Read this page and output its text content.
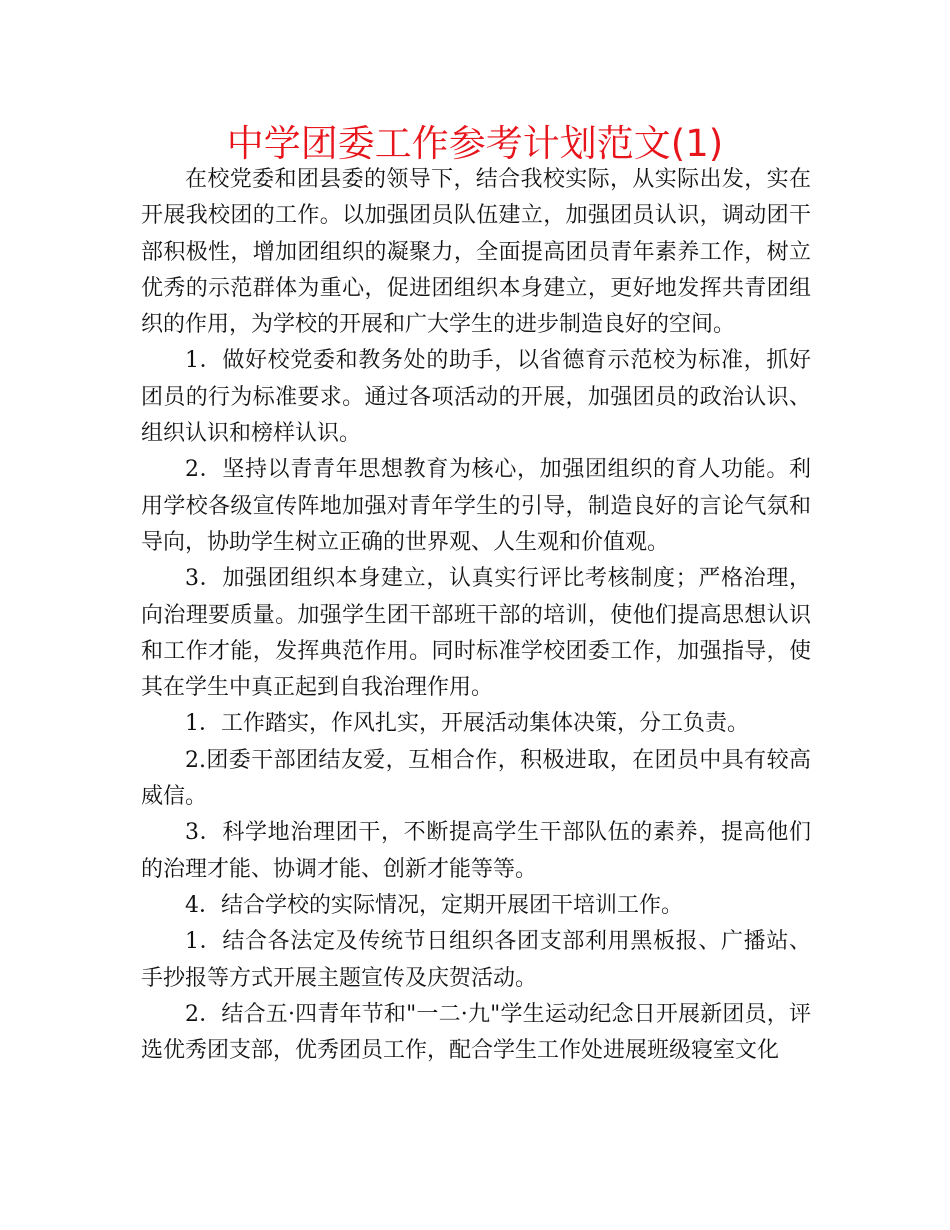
中学团委工作参考计划范文(1)

在校党委和团县委的领导下，结合我校实际，从实际出发，实在开展我校团的工作。以加强团员队伍建立，加强团员认识，调动团干部积极性，增加团组织的凝聚力，全面提高团员青年素养工作，树立优秀的示范群体为重心，促进团组织本身建立，更好地发挥共青团组织的作用，为学校的开展和广大学生的进步制造良好的空间。

1．做好校党委和教务处的助手，以省德育示范校为标准，抓好团员的行为标准要求。通过各项活动的开展，加强团员的政治认识、组织认识和榜样认识。

2．坚持以青青年思想教育为核心，加强团组织的育人功能。利用学校各级宣传阵地加强对青年学生的引导，制造良好的言论气氛和导向，协助学生树立正确的世界观、人生观和价值观。

3．加强团组织本身建立，认真实行评比考核制度；严格治理，向治理要质量。加强学生团干部班干部的培训，使他们提高思想认识和工作才能，发挥典范作用。同时标准学校团委工作，加强指导，使其在学生中真正起到自我治理作用。

1．工作踏实，作风扎实，开展活动集体决策，分工负责。

2.团委干部团结友爱，互相合作，积极进取，在团员中具有较高威信。

3．科学地治理团干，不断提高学生干部队伍的素养，提高他们的治理才能、协调才能、创新才能等等。

4．结合学校的实际情况，定期开展团干培训工作。

1．结合各法定及传统节日组织各团支部利用黑板报、广播站、手抄报等方式开展主题宣传及庆贺活动。

2．结合五·四青年节和"一二·九"学生运动纪念日开展新团员，评选优秀团支部，优秀团员工作，配合学生工作处进展班级寝室文化
